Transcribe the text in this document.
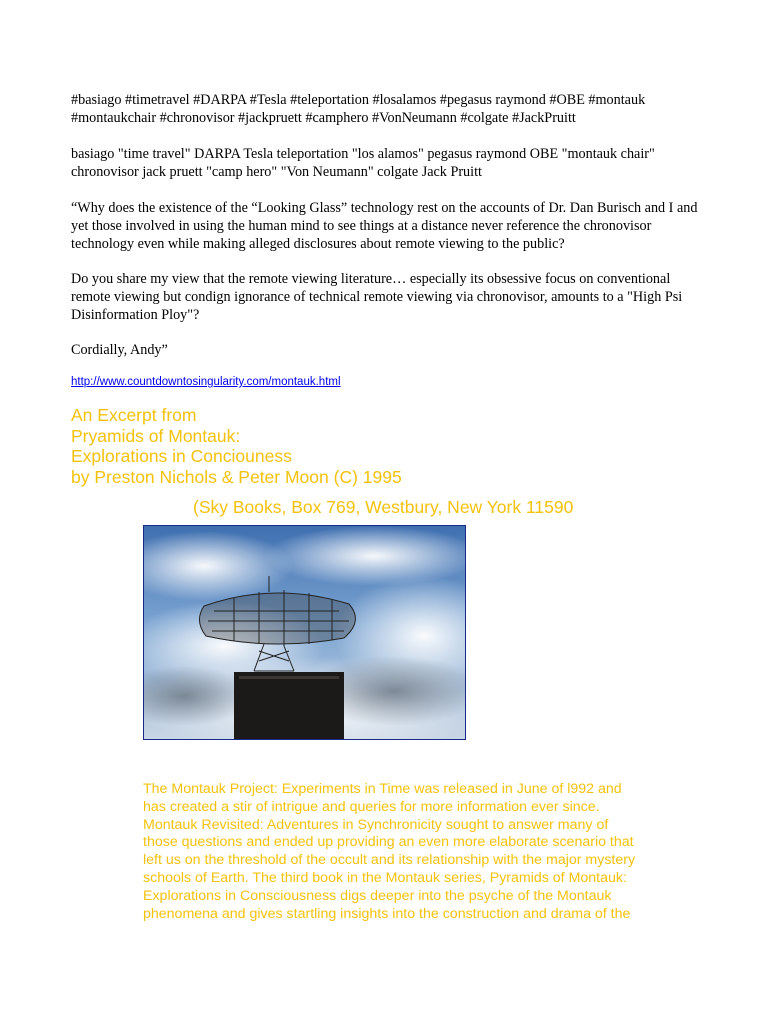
#basiago #timetravel #DARPA #Tesla #teleportation #losalamos #pegasus raymond #OBE #montauk #montaukchair #chronovisor #jackpruett #camphero #VonNeumann #colgate #JackPruitt

basiago "time travel" DARPA Tesla teleportation "los alamos" pegasus raymond OBE "montauk chair" chronovisor jack pruett "camp hero" "Von Neumann" colgate Jack Pruitt

“Why does the existence of the “Looking Glass” technology rest on the accounts of Dr. Dan Burisch and I and yet those involved in using the human mind to see things at a distance never reference the chronovisor technology even while making alleged disclosures about remote viewing to the public?

Do you share my view that the remote viewing literature… especially its obsessive focus on conventional remote viewing but condign ignorance of technical remote viewing via chronovisor, amounts to a "High Psi Disinformation Ploy"?

Cordially, Andy”

http://www.countdowntosingularity.com/montauk.html
An Excerpt from
Pryamids of Montauk:
Explorations in Conciouness
by Preston Nichols & Peter Moon (C) 1995
(Sky Books, Box 769, Westbury, New York 11590

The Montauk Project: Experiments in Time was released in June of l992 and has created a stir of intrigue and queries for more information ever since. Montauk Revisited: Adventures in Synchronicity sought to answer many of those questions and ended up providing an even more elaborate scenario that left us on the threshold of the occult and its relationship with the major mystery schools of Earth. The third book in the Montauk series, Pyramids of Montauk: Explorations in Consciousness digs deeper into the psyche of the Montauk phenomena and gives startling insights into the construction and drama of the
